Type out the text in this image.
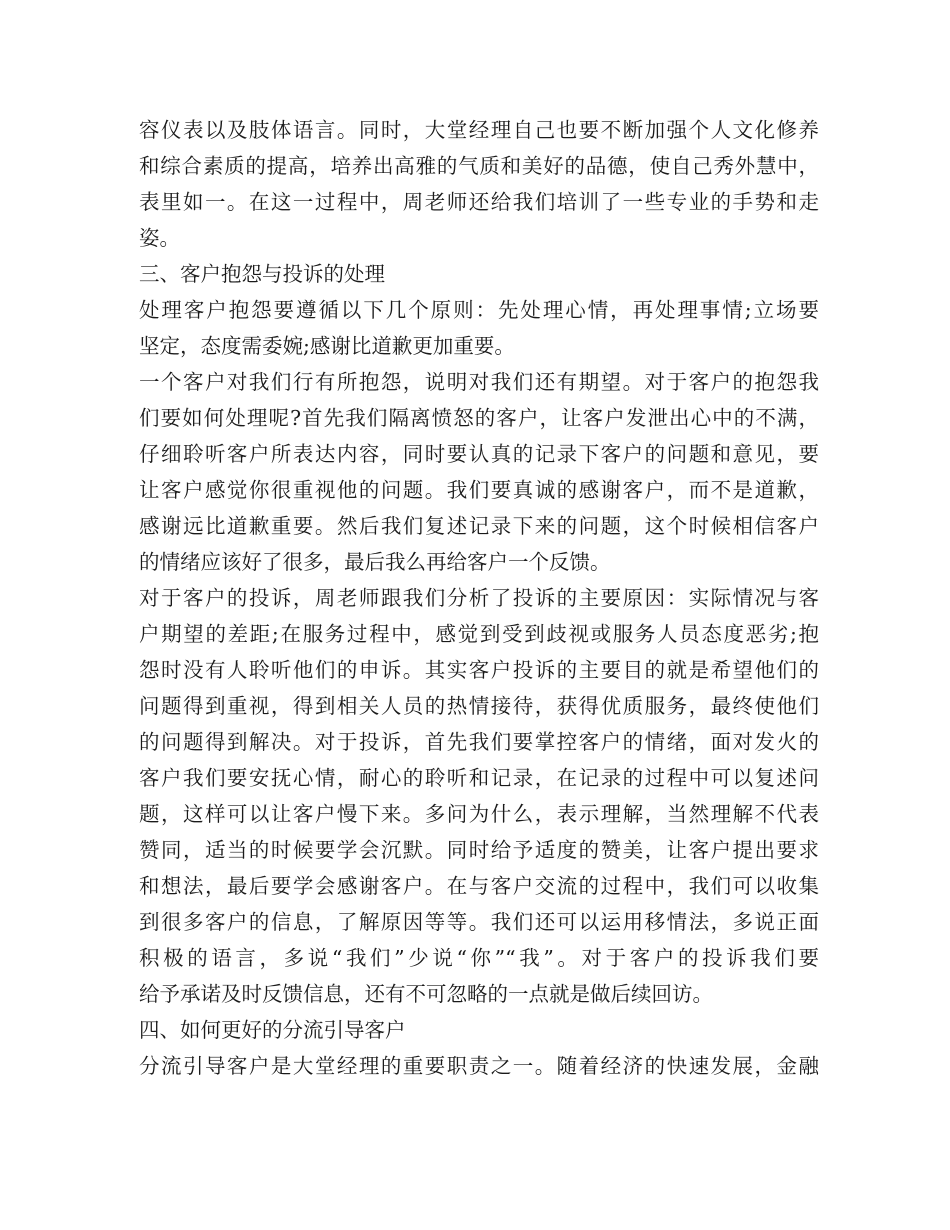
容仪表以及肢体语言。同时，大堂经理自己也要不断加强个人文化修养
和综合素质的提高，培养出高雅的气质和美好的品德，使自己秀外慧中，
表里如一。在这一过程中，周老师还给我们培训了一些专业的手势和走
姿。
三、客户抱怨与投诉的处理
处理客户抱怨要遵循以下几个原则：先处理心情，再处理事情;立场要
坚定，态度需委婉;感谢比道歉更加重要。
一个客户对我们行有所抱怨，说明对我们还有期望。对于客户的抱怨我
们要如何处理呢?首先我们隔离愤怒的客户，让客户发泄出心中的不满，
仔细聆听客户所表达内容，同时要认真的记录下客户的问题和意见，要
让客户感觉你很重视他的问题。我们要真诚的感谢客户，而不是道歉，
感谢远比道歉重要。然后我们复述记录下来的问题，这个时候相信客户
的情绪应该好了很多，最后我么再给客户一个反馈。
对于客户的投诉，周老师跟我们分析了投诉的主要原因：实际情况与客
户期望的差距;在服务过程中，感觉到受到歧视或服务人员态度恶劣;抱
怨时没有人聆听他们的申诉。其实客户投诉的主要目的就是希望他们的
问题得到重视，得到相关人员的热情接待，获得优质服务，最终使他们
的问题得到解决。对于投诉，首先我们要掌控客户的情绪，面对发火的
客户我们要安抚心情，耐心的聆听和记录，在记录的过程中可以复述问
题，这样可以让客户慢下来。多问为什么，表示理解，当然理解不代表
赞同，适当的时候要学会沉默。同时给予适度的赞美，让客户提出要求
和想法，最后要学会感谢客户。在与客户交流的过程中，我们可以收集
到很多客户的信息，了解原因等等。我们还可以运用移情法，多说正面
积极的语言，多说“我们”少说“你”“我”。对于客户的投诉我们要
给予承诺及时反馈信息，还有不可忽略的一点就是做后续回访。
四、如何更好的分流引导客户
分流引导客户是大堂经理的重要职责之一。随着经济的快速发展，金融
